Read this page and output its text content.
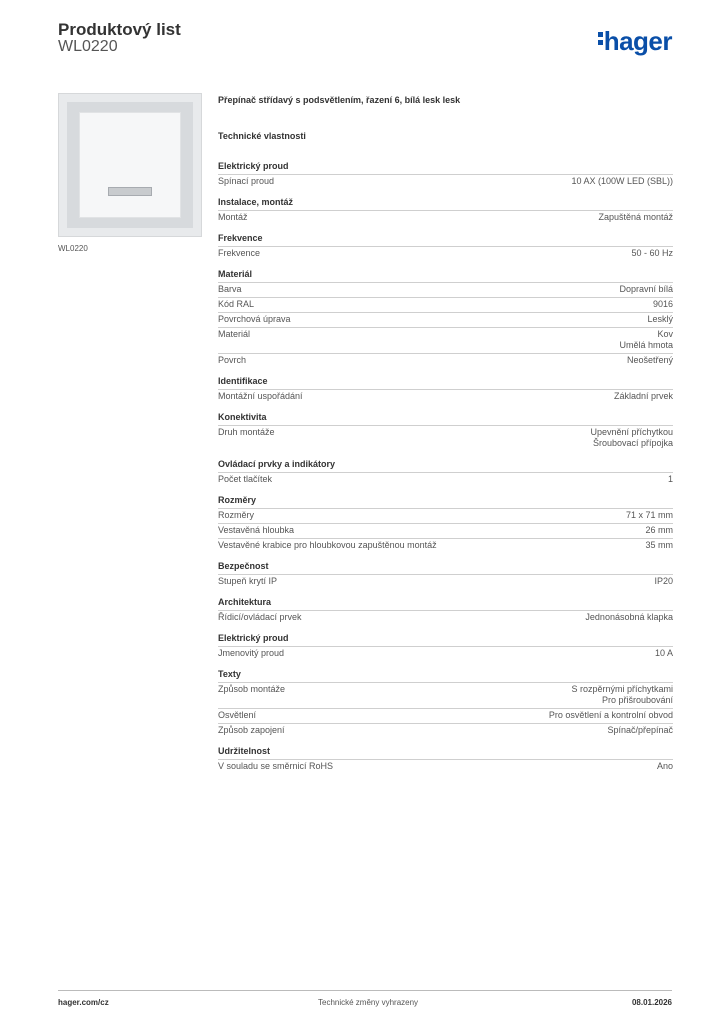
Produktový list
WL0220	hager
WL0220
Přepínač střídavý s podsvětlením, řazení 6, bílá lesk lesk
Technické vlastnosti
Elektrický proud
Spínací proud	10 AX (100W LED (SBL))
Instalace, montáž
Montáž	Zapuštěná montáž
Frekvence
Frekvence	50 - 60 Hz
Materiál
Barva	Dopravní bílá
Kód RAL	9016
Povrchová úprava	Lesklý
Materiál	Kov
Umělá hmota
Povrch	Neošetřený
Identifikace
Montážní uspořádání	Základní prvek
Konektivita
Druh montáže	Upevnění příchytkou
Šroubovací přípojka
Ovládací prvky a indikátory
Počet tlačítek	1
Rozměry
Rozměry	71 x 71 mm
Vestavěná hloubka	26 mm
Vestavěné krabice pro hloubkovou zapuštěnou montáž	35 mm
Bezpečnost
Stupeň krytí IP	IP20
Architektura
Řídicí/ovládací prvek	Jednonásobná klapka
Elektrický proud
Jmenovitý proud	10 A
Texty
Způsob montáže	S rozpěrnými příchytkami
Pro přišroubování
Osvětlení	Pro osvětlení a kontrolní obvod
Způsob zapojení	Spínač/přepínač
Udržitelnost
V souladu se směrnicí RoHS	Ano
hager.com/cz	Technické změny vyhrazeny	08.01.2026
